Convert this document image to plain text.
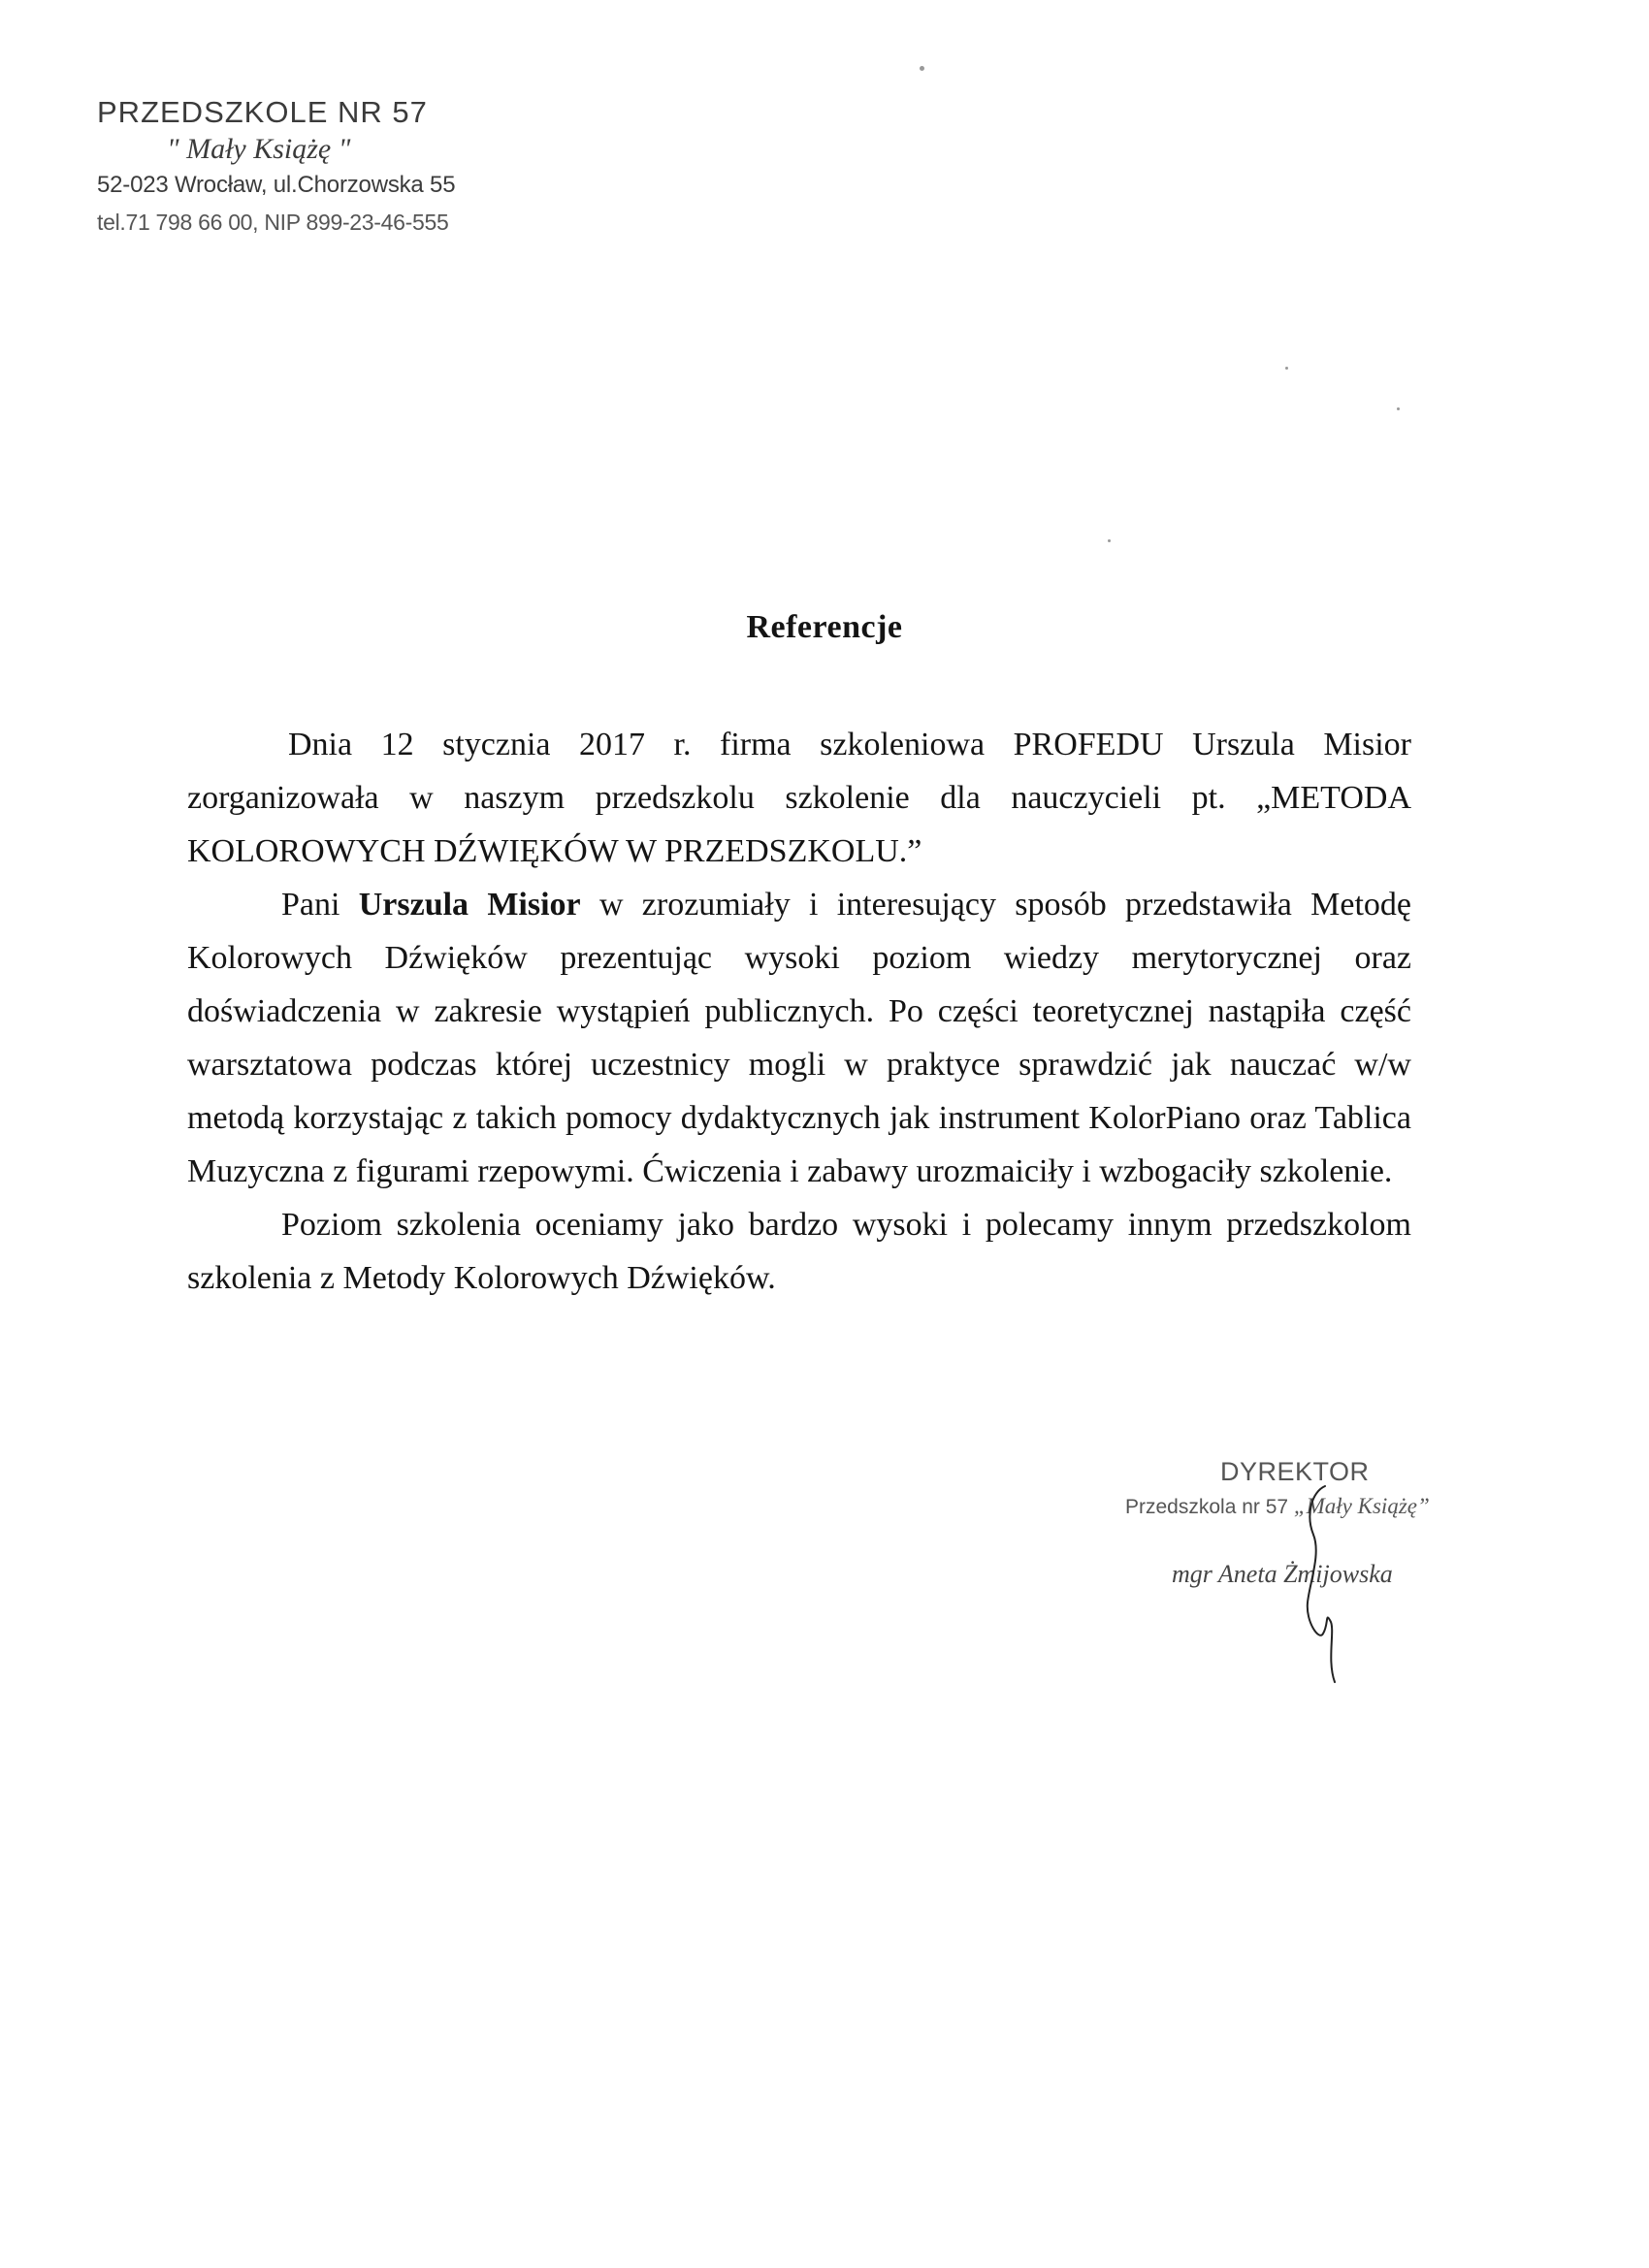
PRZEDSZKOLE NR 57
" Mały Książę "
52-023 Wrocław, ul.Chorzowska 55
tel.71 798 66 00, NIP 899-23-46-555
Referencje

Dnia 12 stycznia 2017 r. firma szkoleniowa PROFEDU Urszula Misior zorganizowała w naszym przedszkolu szkolenie dla nauczycieli pt. „METODA KOLOROWYCH DŹWIĘKÓW W PRZEDSZKOLU.”

Pani Urszula Misior w zrozumiały i interesujący sposób przedstawiła Metodę Kolorowych Dźwięków prezentując wysoki poziom wiedzy merytorycznej oraz doświadczenia w zakresie wystąpień publicznych. Po części teoretycznej nastąpiła część warsztatowa podczas której uczestnicy mogli w praktyce sprawdzić jak nauczać w/w metodą korzystając z takich pomocy dydaktycznych jak instrument KolorPiano oraz Tablica Muzyczna z figurami rzepowymi. Ćwiczenia i zabawy urozmaiciły i wzbogaciły szkolenie.

Poziom szkolenia oceniamy jako bardzo wysoki i polecamy innym przedszkolom szkolenia z Metody Kolorowych Dźwięków.

DYREKTOR
Przedszkola nr 57 „Mały Książę”
mgr Aneta Żmijowska
